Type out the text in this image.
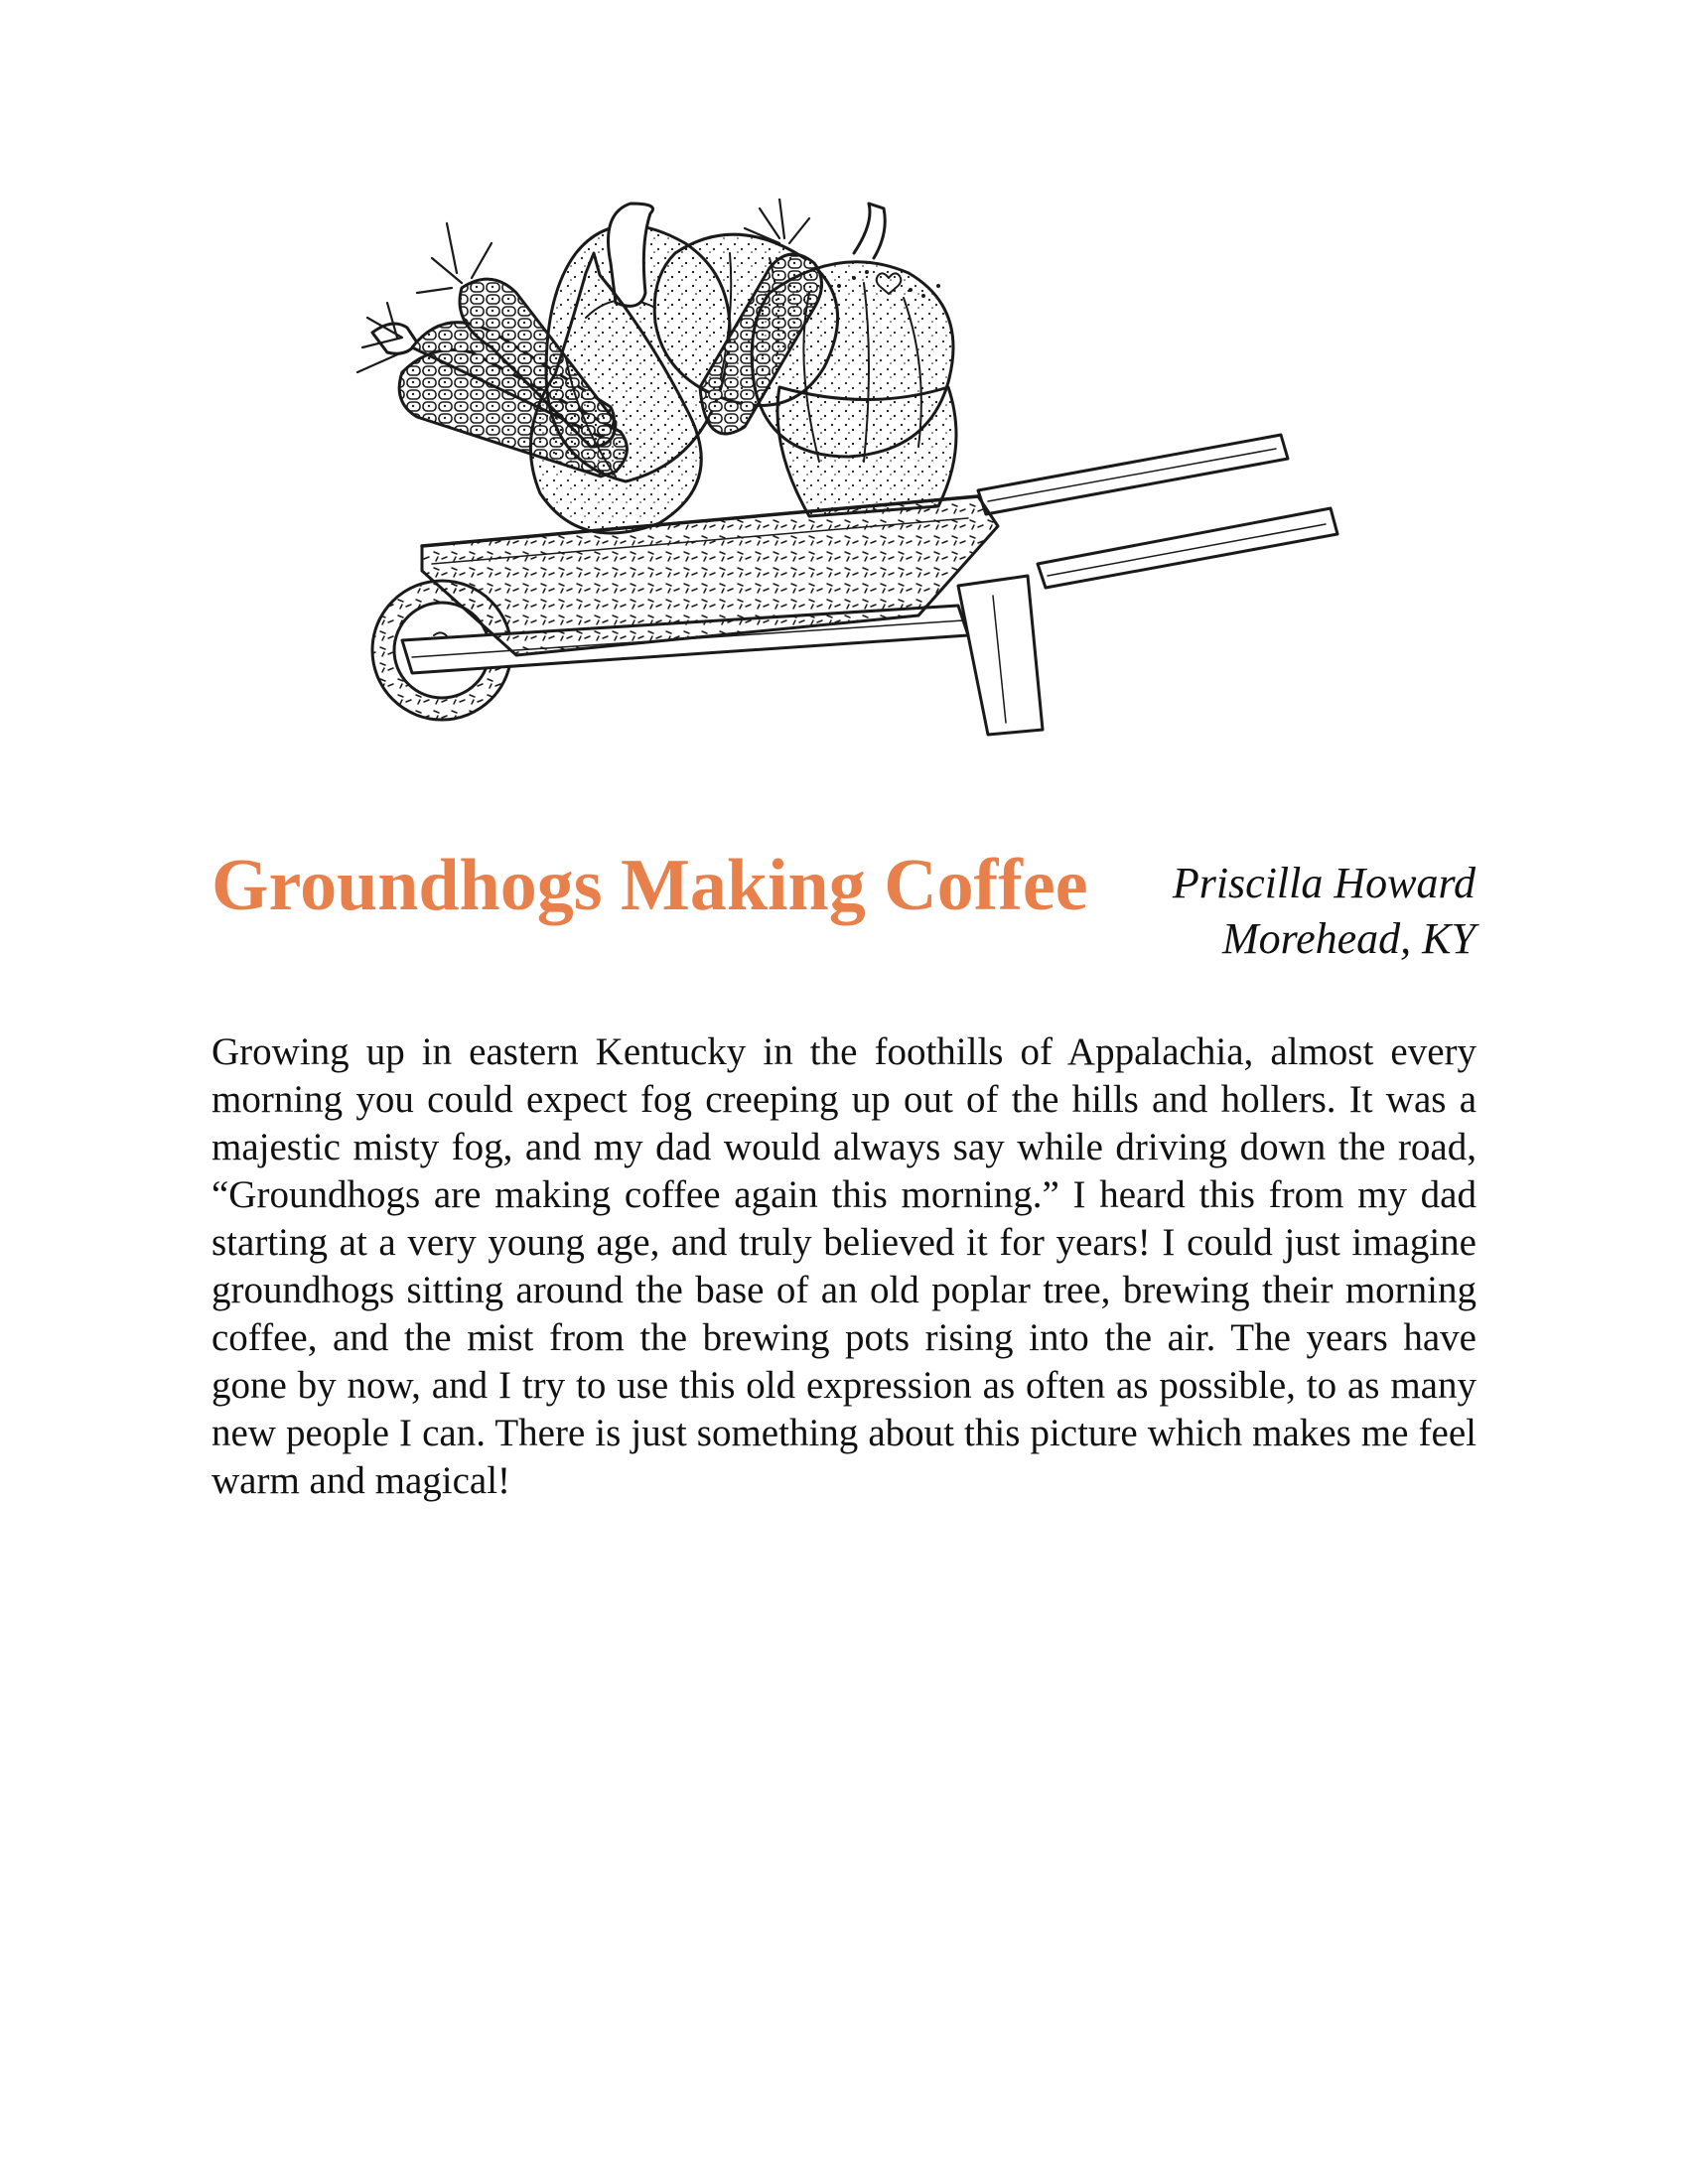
Groundhogs Making Coffee Priscilla Howard
Morehead, KY

Growing up in eastern Kentucky in the foothills of Appalachia, almost every morning you could expect fog creeping up out of the hills and hollers. It was a majestic misty fog, and my dad would always say while driving down the road, “Groundhogs are making coffee again this morning.” I heard this from my dad starting at a very young age, and truly believed it for years! I could just imagine groundhogs sitting around the base of an old poplar tree, brewing their morning coffee, and the mist from the brewing pots rising into the air. The years have gone by now, and I try to use this old expression as often as possible, to as many new people I can. There is just something about this picture which makes me feel warm and magical!
